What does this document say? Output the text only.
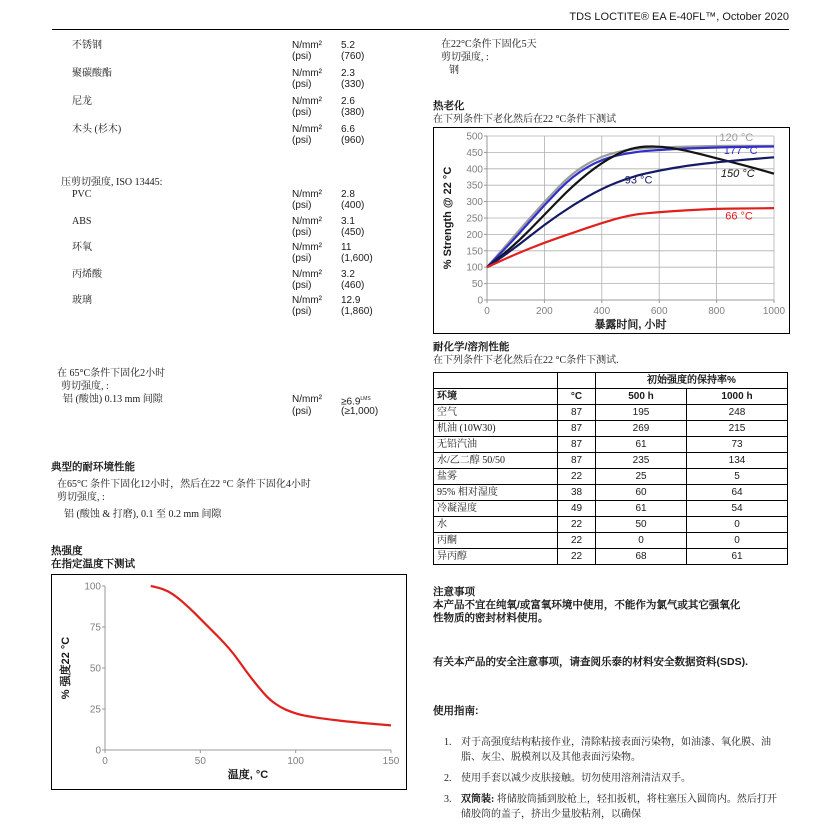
TDS LOCTITE® EA E-40FL™, October 2020
不锈钢	N/mm² 5.2
(psi)	(760)
聚碳酸酯	N/mm² 2.3
(psi)	(330)
尼龙	N/mm² 2.6
(psi)	(380)
木头 (杉木)	N/mm² 6.6
(psi)	(960)
压剪切强度, ISO 13445:
PVC	N/mm² 2.8
(psi)	(400)
ABS	N/mm² 3.1
(psi)	(450)
环氧	N/mm² 11
(psi)	(1,600)
丙烯酸	N/mm² 3.2
(psi)	(460)
玻璃	N/mm² 12.9
(psi)	(1,860)
在 65°C条件下固化2小时
剪切强度, :
铝 (酸蚀) 0.13 mm 间隙	$N/mm^2 \ge 6.9^{LMS}$
(psi)	(≥1,000)
典型的耐环境性能
在65°C 条件下固化12小时，然后在22 °C 条件下固化4小时
剪切强度, :
铝 (酸蚀 & 打磨), 0.1 至 0.2 mm 间隙
热强度
在指定温度下测试
0
25
50
75
100
0	50	100	150
温度, °C
% 强度22 °C
在22°C条件下固化5天
剪切强度, :
钢
热老化
在下列条件下老化然后在22 °C条件下测试
0
50
100
150
200
250
300
350
400
450
500
0	200	400	600	800	1000
120 °C
177 °C
150 °C
93 °C
66 °C
暴露时间, 小时
% Strength @ 22 °C
耐化学/溶剂性能
在下列条件下老化然后在22 °C条件下测试.
		初始强度的保持率%	
环境	°C	500 h	1000 h
空气	87	195	248
机油 (10W30)	87	269	215
无铅汽油	87	61	73
水/乙二醇 50/50	87	235	134
盐雾	22	25	5
95% 相对湿度	38	60	64
冷凝湿度	49	61	54
水	22	50	0
丙酮	22	0	0
异丙醇	22	68	61
注意事项
本产品不宜在纯氧/或富氧环境中使用，不能作为氯气或其它强氧化
性物质的密封材料使用。
有关本产品的安全注意事项，请查阅乐泰的材料安全数据资料(SDS).
使用指南:
1. 对于高强度结构粘接作业，清除粘接表面污染物，如油漆、氧化膜、油脂、灰尘、脱模剂以及其他表面污染物。
2. 使用手套以减少皮肤接触。切勿使用溶剂清洁双手。
3. 双筒装: 将储胶筒插到胶枪上，轻扣扳机，将柱塞压入圆筒内。然后打开储胶筒的盖子，挤出少量胶粘剂，以确保
